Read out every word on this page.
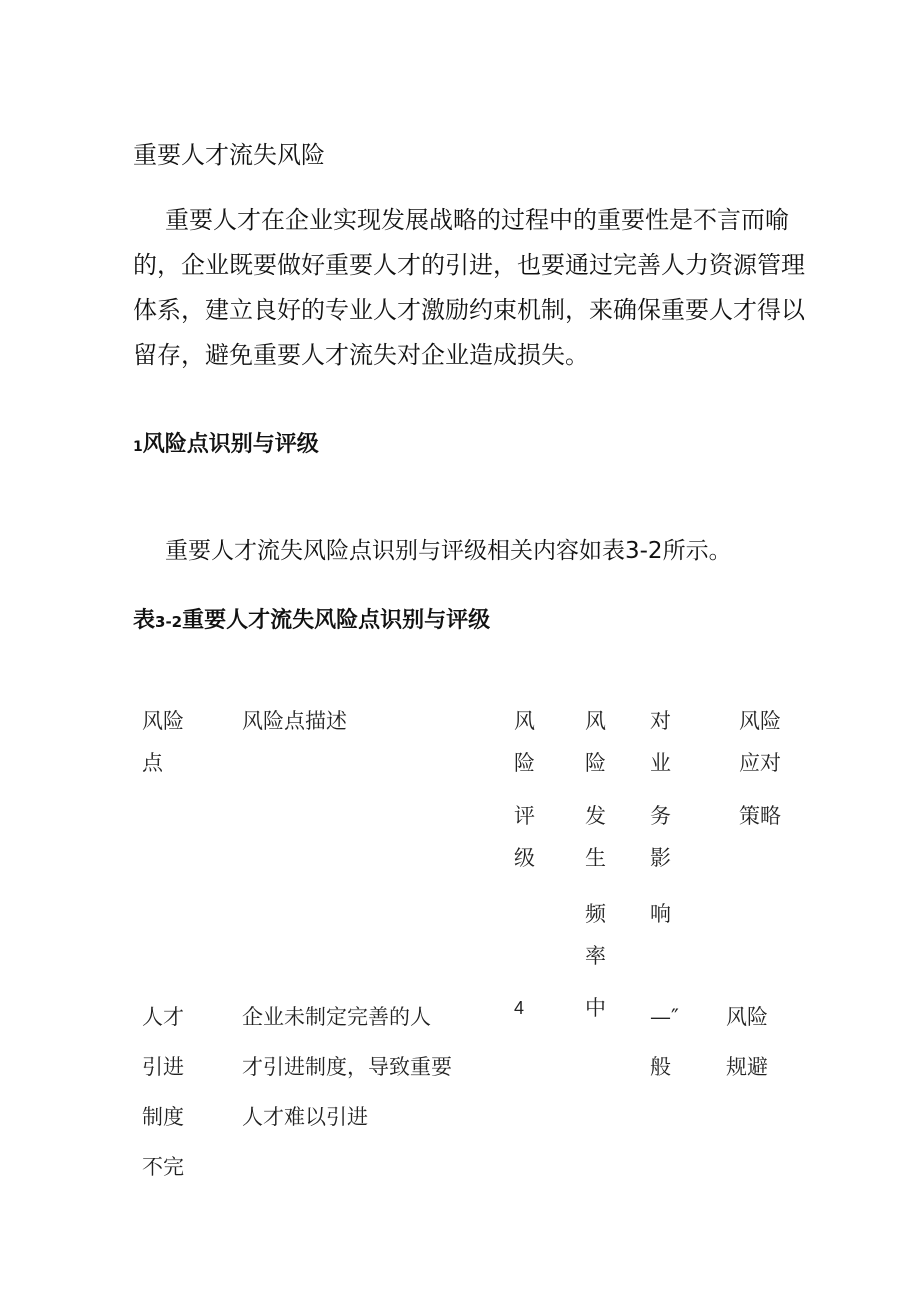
重要人才流失风险
重要人才在企业实现发展战略的过程中的重要性是不言而喻
的，企业既要做好重要人才的引进，也要通过完善人力资源管理
体系，建立良好的专业人才激励约束机制，来确保重要人才得以
留存，避免重要人才流失对企业造成损失。
1风险点识别与评级
重要人才流失风险点识别与评级相关内容如表3-2所示。
表3-2重要人才流失风险点识别与评级
风险
点
风险点描述	风
险
评
级
风
险
发
生
频
率
对
业
务
影
响
风险
应对
策略
人才
引进
制度
不完
企业未制定完善的人
才引进制度，导致重要
人才难以引进
4	中 —″
般
风险
规避
